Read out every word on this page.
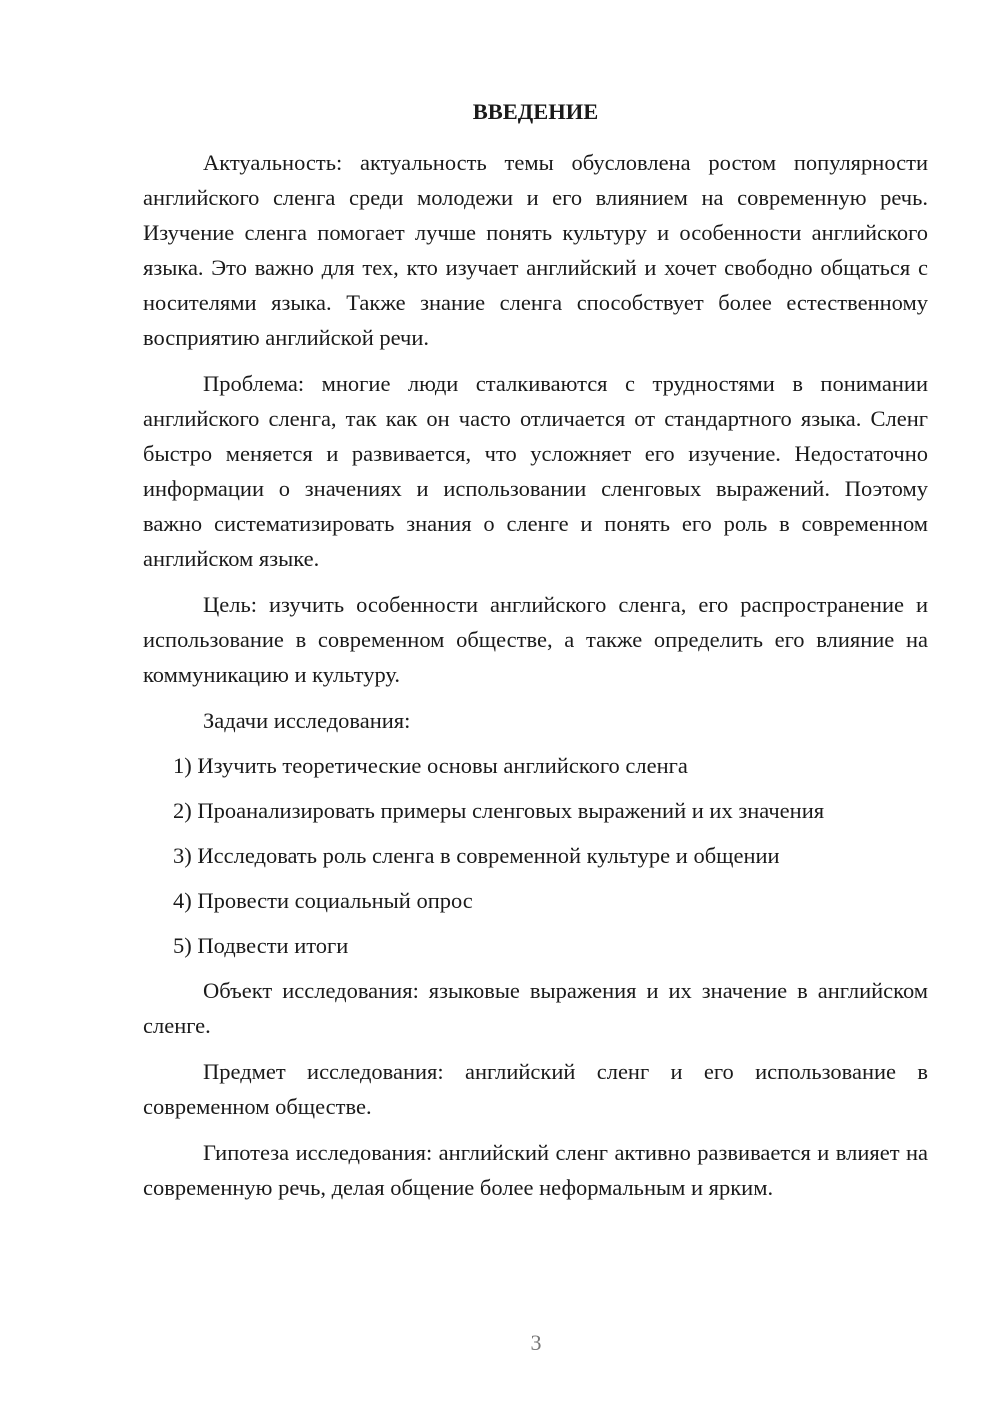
ВВЕДЕНИЕ

Актуальность: актуальность темы обусловлена ростом популярности английского сленга среди молодежи и его влиянием на современную речь. Изучение сленга помогает лучше понять культуру и особенности английского языка. Это важно для тех, кто изучает английский и хочет свободно общаться с носителями языка. Также знание сленга способствует более естественному восприятию английской речи.

Проблема: многие люди сталкиваются с трудностями в понимании английского сленга, так как он часто отличается от стандартного языка. Сленг быстро меняется и развивается, что усложняет его изучение. Недостаточно информации о значениях и использовании сленговых выражений. Поэтому важно систематизировать знания о сленге и понять его роль в современном английском языке.

Цель: изучить особенности английского сленга, его распространение и использование в современном обществе, а также определить его влияние на коммуникацию и культуру.

Задачи исследования:

1) Изучить теоретические основы английского сленга
2) Проанализировать примеры сленговых выражений и их значения
3) Исследовать роль сленга в современной культуре и общении
4) Провести социальный опрос
5) Подвести итоги

Объект исследования: языковые выражения и их значение в английском сленге.

Предмет исследования: английский сленг и его использование в современном обществе.

Гипотеза исследования: английский сленг активно развивается и влияет на современную речь, делая общение более неформальным и ярким.

3
